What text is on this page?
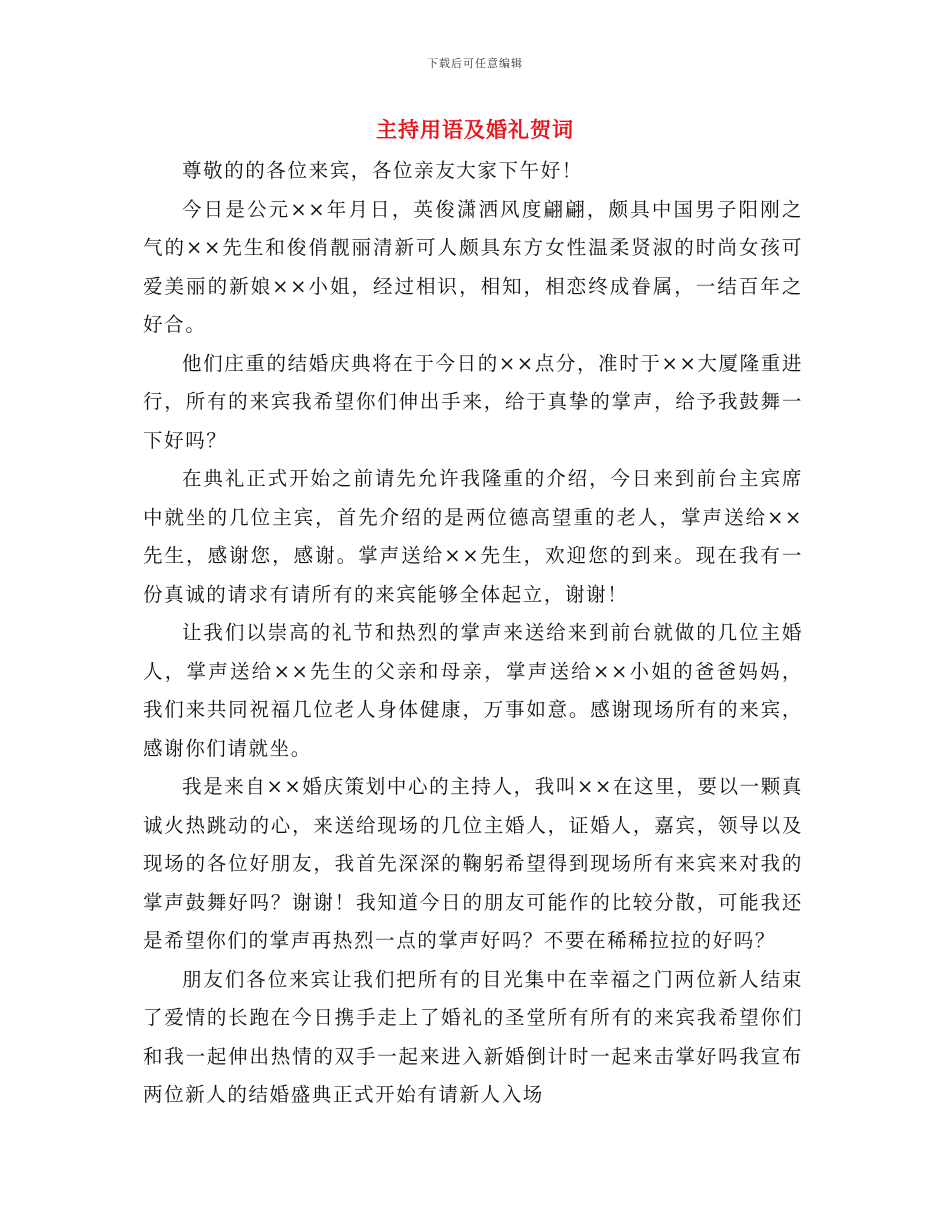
下载后可任意编辑
主持用语及婚礼贺词

尊敬的的各位来宾，各位亲友大家下午好！

今日是公元××年月日，英俊潇洒风度翩翩，颇具中国男子阳刚之气的××先生和俊俏靓丽清新可人颇具东方女性温柔贤淑的时尚女孩可爱美丽的新娘××小姐，经过相识，相知，相恋终成眷属，一结百年之好合。

他们庄重的结婚庆典将在于今日的××点分，准时于××大厦隆重进行，所有的来宾我希望你们伸出手来，给于真挚的掌声，给予我鼓舞一下好吗？

在典礼正式开始之前请先允许我隆重的介绍，今日来到前台主宾席中就坐的几位主宾，首先介绍的是两位德高望重的老人，掌声送给××先生，感谢您，感谢。掌声送给××先生，欢迎您的到来。现在我有一份真诚的请求有请所有的来宾能够全体起立，谢谢！

让我们以崇高的礼节和热烈的掌声来送给来到前台就做的几位主婚人，掌声送给××先生的父亲和母亲，掌声送给××小姐的爸爸妈妈，我们来共同祝福几位老人身体健康，万事如意。感谢现场所有的来宾，感谢你们请就坐。

我是来自××婚庆策划中心的主持人，我叫××在这里，要以一颗真诚火热跳动的心，来送给现场的几位主婚人，证婚人，嘉宾，领导以及现场的各位好朋友，我首先深深的鞠躬希望得到现场所有来宾来对我的掌声鼓舞好吗？谢谢！我知道今日的朋友可能作的比较分散，可能我还是希望你们的掌声再热烈一点的掌声好吗？不要在稀稀拉拉的好吗？

朋友们各位来宾让我们把所有的目光集中在幸福之门两位新人结束了爱情的长跑在今日携手走上了婚礼的圣堂所有所有的来宾我希望你们和我一起伸出热情的双手一起来进入新婚倒计时一起来击掌好吗我宣布两位新人的结婚盛典正式开始有请新人入场
